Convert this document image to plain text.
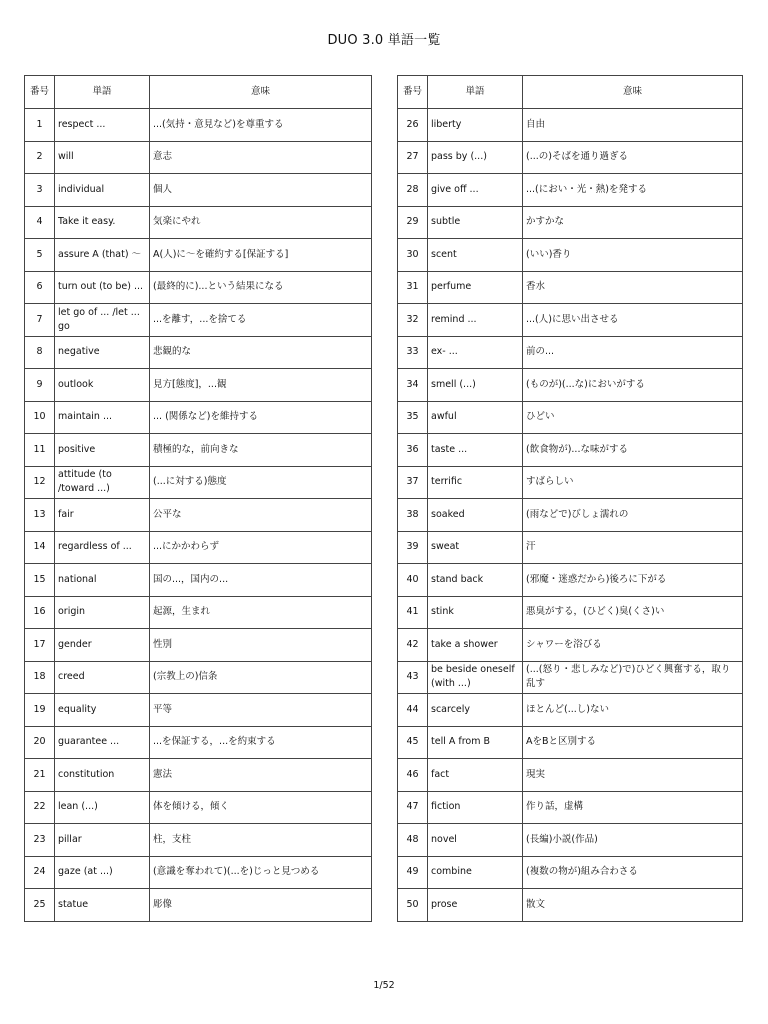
DUO 3.0 単語一覧
番号	単語	意味
1	respect ...	...(気持・意見など)を尊重する
2	will	意志
3	individual	個人
4	Take it easy.	気楽にやれ
5	assure A (that) ～	A(人)に～を確約する[保証する]
6	turn out (to be) ...	(最終的に)...という結果になる
7	let go of ... /let ... go	...を離す，...を捨てる
8	negative	悲観的な
9	outlook	見方[態度]，...観
10	maintain ...	... (関係など)を維持する
11	positive	積極的な，前向きな
12	attitude (to /toward ...)	(...に対する)態度
13	fair	公平な
14	regardless of ...	...にかかわらず
15	national	国の...，国内の...
16	origin	起源，生まれ
17	gender	性別
18	creed	(宗教上の)信条
19	equality	平等
20	guarantee ...	...を保証する，...を約束する
21	constitution	憲法
22	lean (...)	体を傾ける，傾く
23	pillar	柱，支柱
24	gaze (at ...)	(意識を奪われて)(...を)じっと見つめる
25	statue	彫像
番号	単語	意味
26	liberty	自由
27	pass by (...)	(...の)そばを通り過ぎる
28	give off ...	...(におい・光・熱)を発する
29	subtle	かすかな
30	scent	(いい)香り
31	perfume	香水
32	remind ...	...(人)に思い出させる
33	ex- ...	前の...
34	smell (...)	(ものが)(...な)においがする
35	awful	ひどい
36	taste ...	(飲食物が)...な味がする
37	terrific	すばらしい
38	soaked	(雨などで)びしょ濡れの
39	sweat	汗
40	stand back	(邪魔・迷惑だから)後ろに下がる
41	stink	悪臭がする，(ひどく)臭(くさ)い
42	take a shower	シャワーを浴びる
43	be beside oneself (with ...)	(...(怒り・悲しみなど)で)ひどく興奮する，取り乱す
44	scarcely	ほとんど(...し)ない
45	tell A from B	AをBと区別する
46	fact	現実
47	fiction	作り話，虚構
48	novel	(長編)小説(作品)
49	combine	(複数の物が)組み合わさる
50	prose	散文
1/52
